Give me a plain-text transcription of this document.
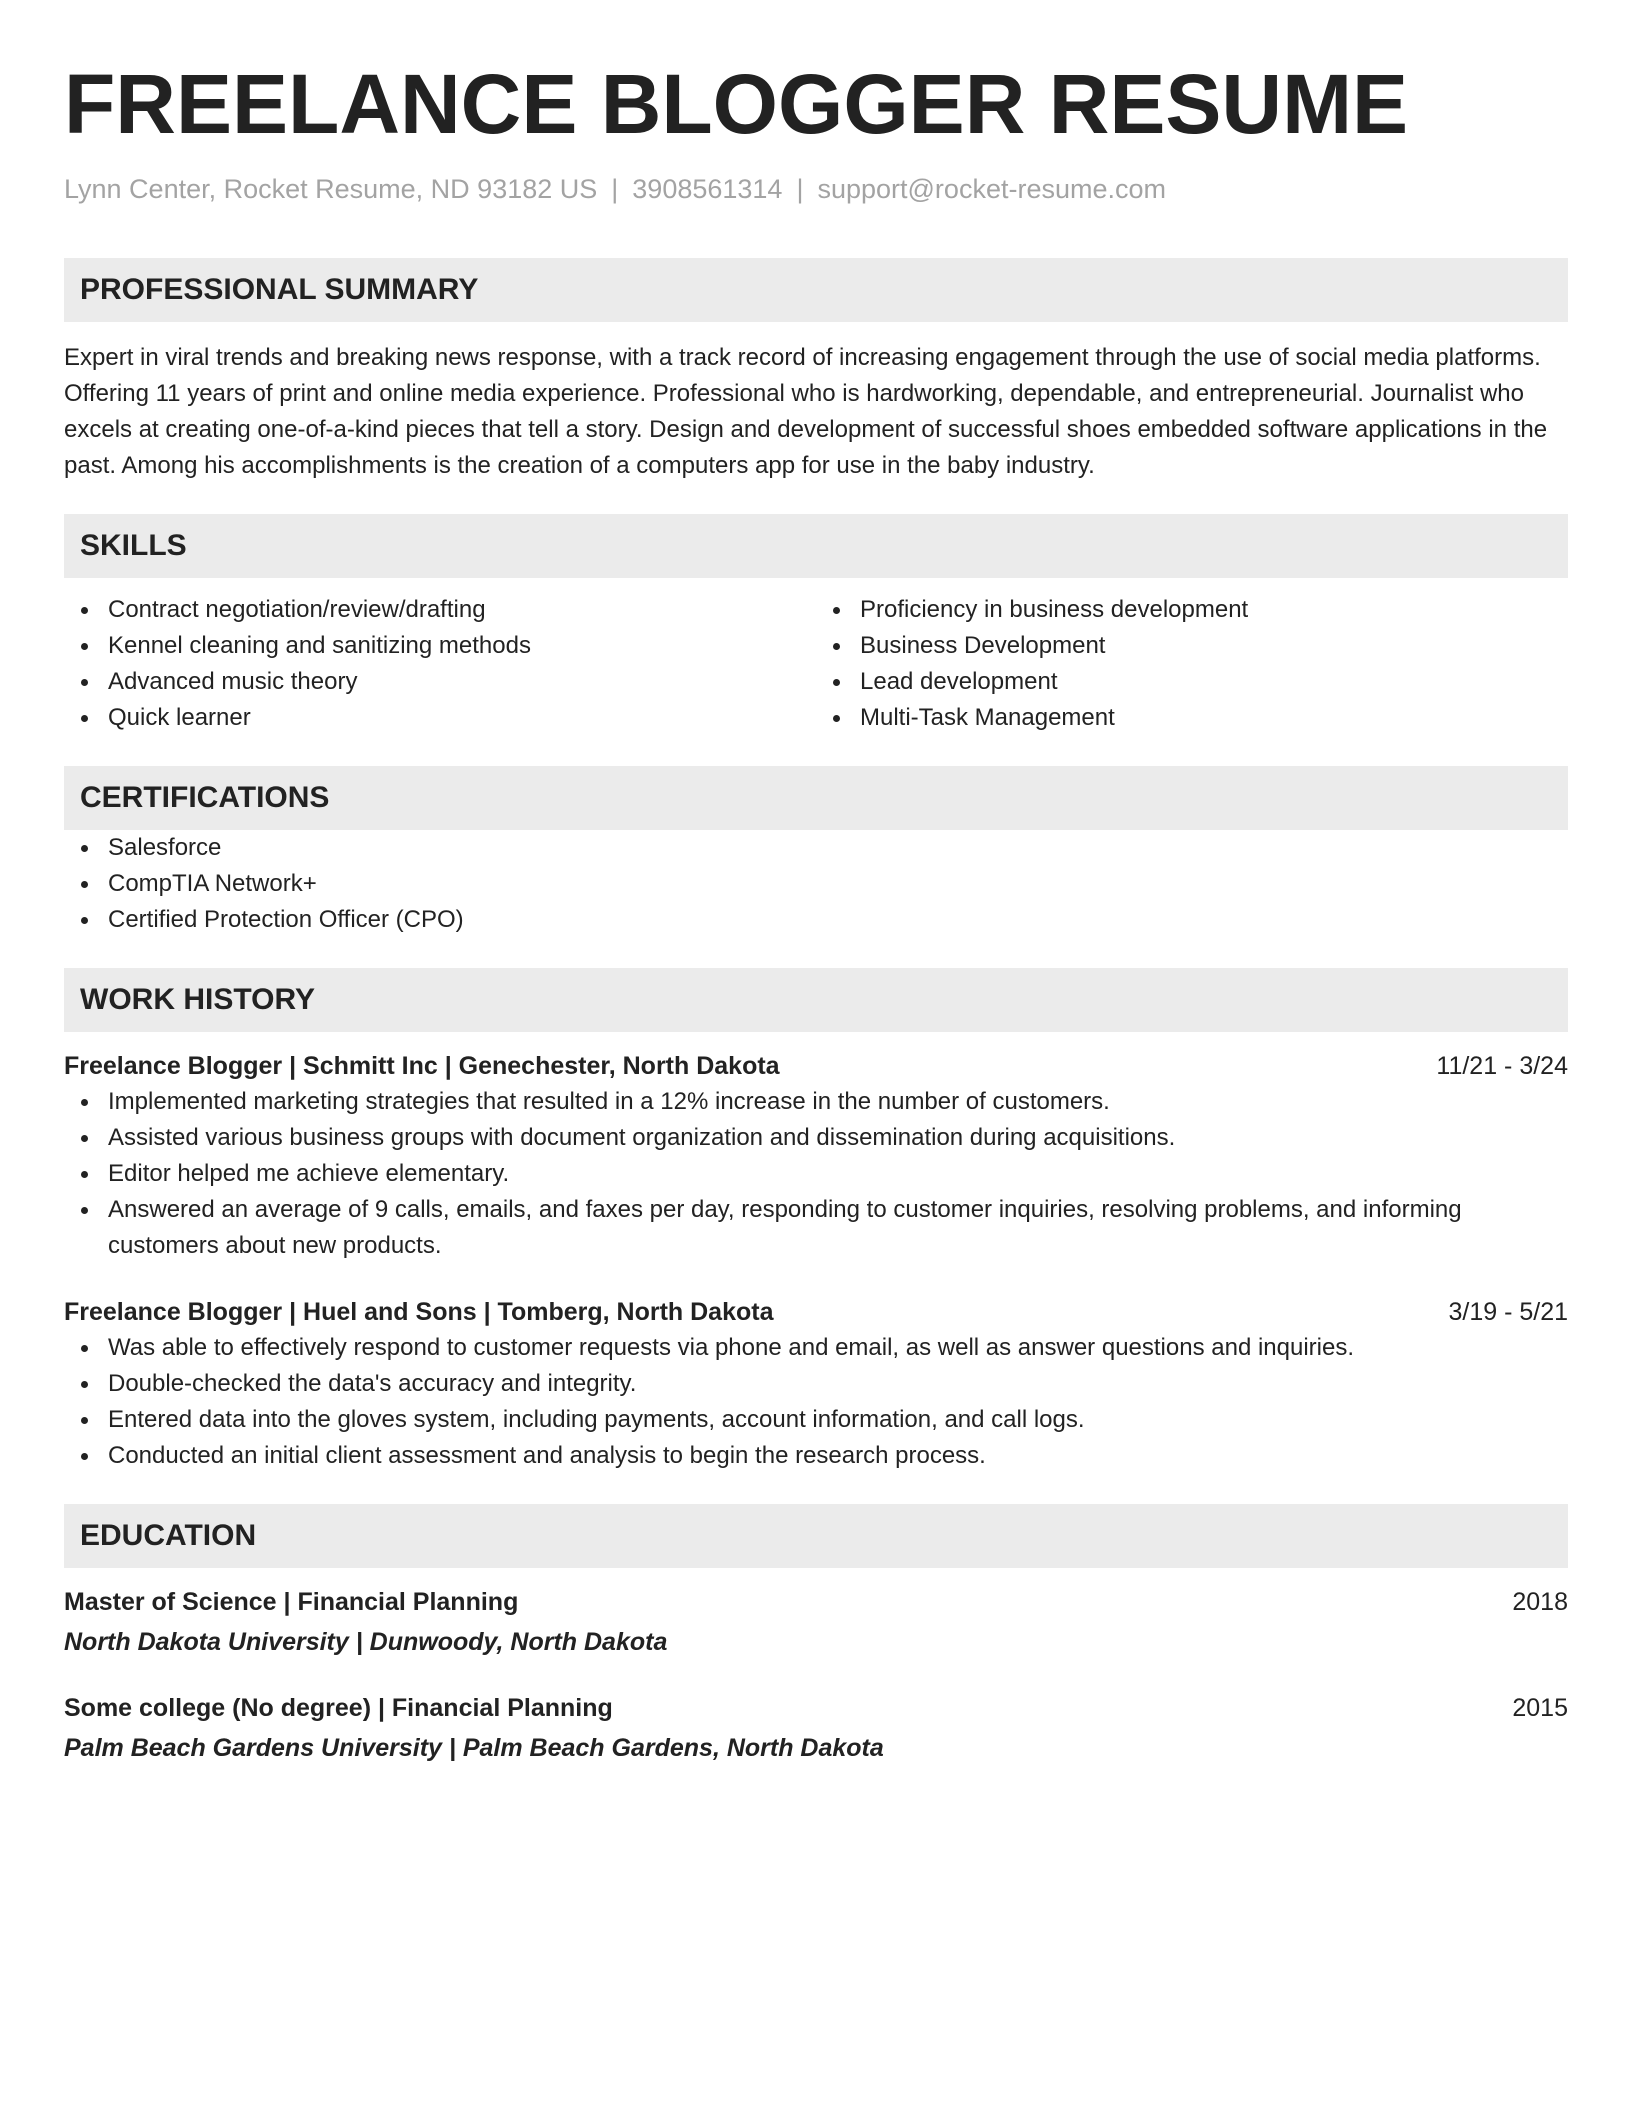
FREELANCE BLOGGER RESUME
Lynn Center, Rocket Resume, ND 93182 US | 3908561314 | support@rocket-resume.com
PROFESSIONAL SUMMARY

Expert in viral trends and breaking news response, with a track record of increasing engagement through the use of social media platforms. Offering 11 years of print and online media experience. Professional who is hardworking, dependable, and entrepreneurial. Journalist who excels at creating one-of-a-kind pieces that tell a story. Design and development of successful shoes embedded software applications in the past. Among his accomplishments is the creation of a computers app for use in the baby industry.

SKILLS
Contract negotiation/review/drafting
Kennel cleaning and sanitizing methods
Advanced music theory
Quick learner
Proficiency in business development
Business Development
Lead development
Multi-Task Management
CERTIFICATIONS
Salesforce
CompTIA Network+
Certified Protection Officer (CPO)
WORK HISTORY
Freelance Blogger | Schmitt Inc | Genechester, North Dakota	11/21 - 3/24
Implemented marketing strategies that resulted in a 12% increase in the number of customers.
Assisted various business groups with document organization and dissemination during acquisitions.
Editor helped me achieve elementary.
Answered an average of 9 calls, emails, and faxes per day, responding to customer inquiries, resolving problems, and informing customers about new products.
Freelance Blogger | Huel and Sons | Tomberg, North Dakota	3/19 - 5/21
Was able to effectively respond to customer requests via phone and email, as well as answer questions and inquiries.
Double-checked the data's accuracy and integrity.
Entered data into the gloves system, including payments, account information, and call logs.
Conducted an initial client assessment and analysis to begin the research process.
EDUCATION
Master of Science | Financial Planning	2018
North Dakota University | Dunwoody, North Dakota
Some college (No degree) | Financial Planning	2015
Palm Beach Gardens University | Palm Beach Gardens, North Dakota
